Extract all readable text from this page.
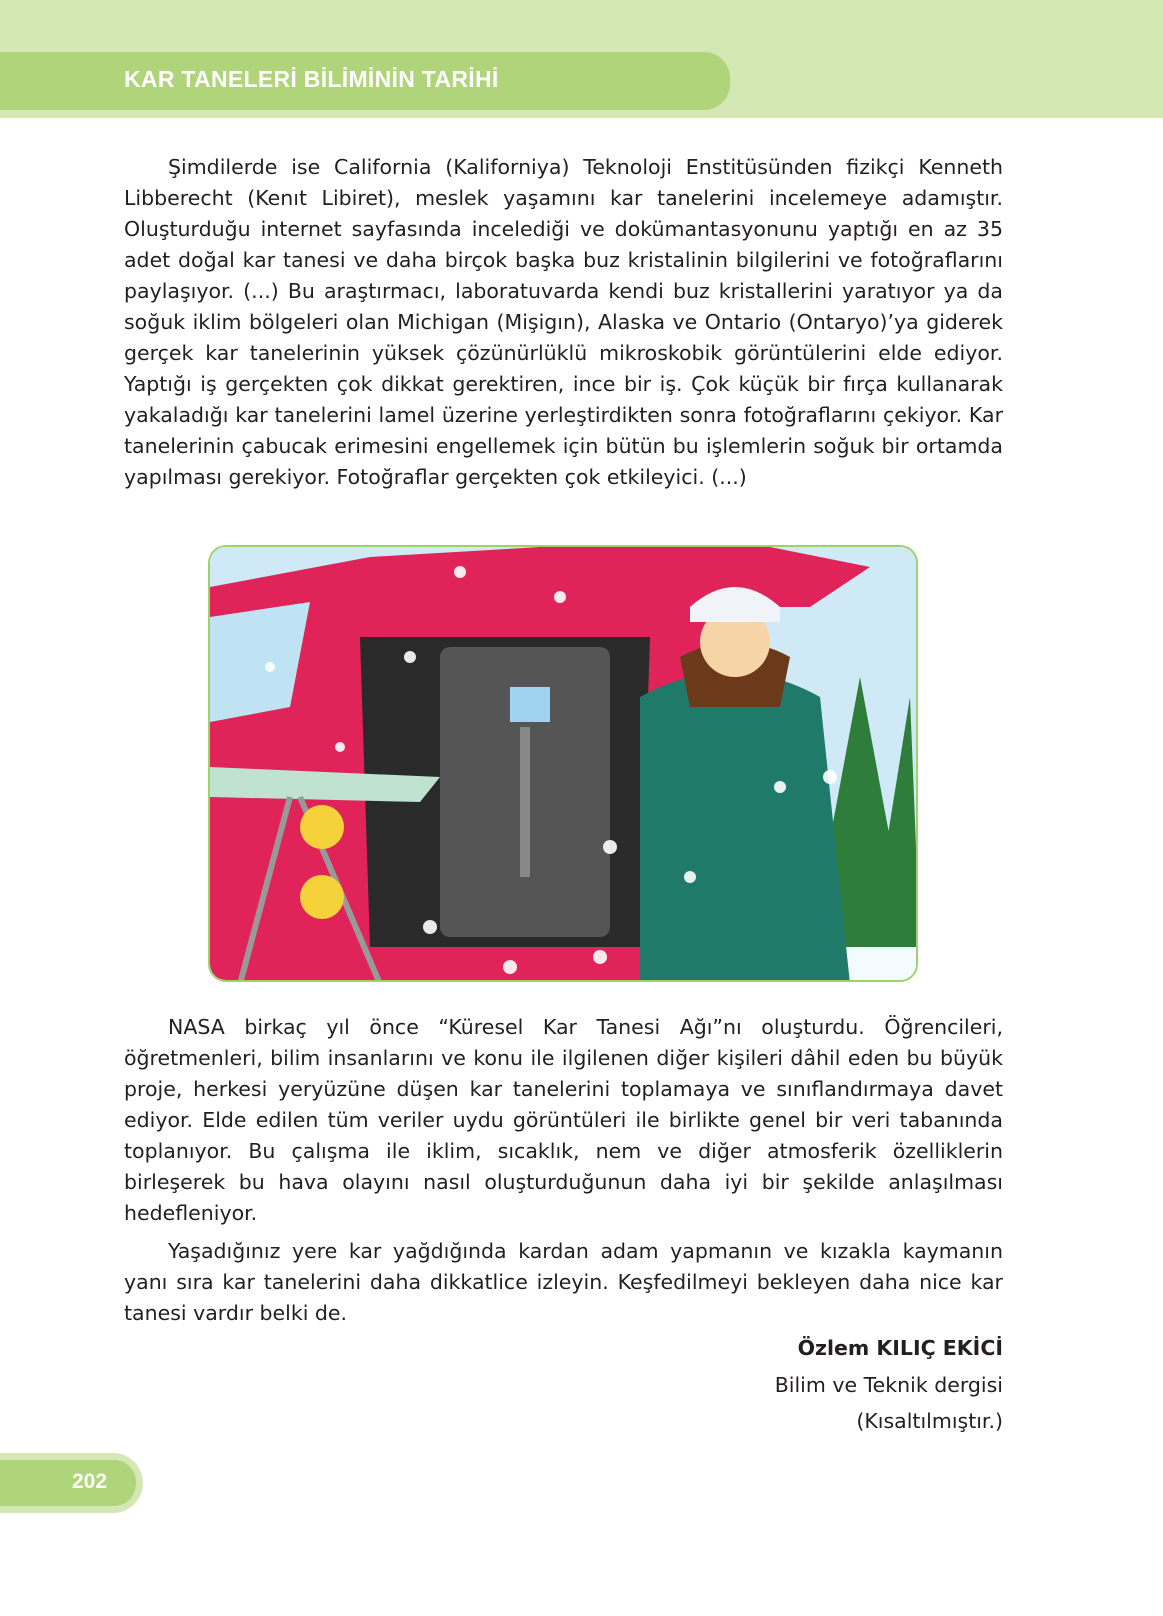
KAR TANELERİ BİLİMİNİN TARİHİ

Şimdilerde ise California (Kaliforniya) Teknoloji Enstitüsünden fizikçi Kenneth Libberecht (Kenıt Libiret), meslek yaşamını kar tanelerini incelemeye adamıştır. Oluşturduğu internet sayfasında incelediği ve dokümantasyonunu yaptığı en az 35 adet doğal kar tanesi ve daha birçok başka buz kristalinin bilgilerini ve fotoğraflarını paylaşıyor. (...) Bu araştırmacı, laboratuvarda kendi buz kristallerini yaratıyor ya da soğuk iklim bölgeleri olan Michigan (Mişigın), Alaska ve Ontario (Ontaryo)’ya giderek gerçek kar tanelerinin yüksek çözünürlüklü mikroskobik görüntülerini elde ediyor. Yaptığı iş gerçekten çok dikkat gerektiren, ince bir iş. Çok küçük bir fırça kullanarak yakaladığı kar tanelerini lamel üzerine yerleştirdikten sonra fotoğraflarını çekiyor. Kar tanelerinin çabucak erimesini engellemek için bütün bu işlemlerin soğuk bir ortamda yapılması gerekiyor. Fotoğraflar gerçekten çok etkileyici. (...)

NASA birkaç yıl önce “Küresel Kar Tanesi Ağı”nı oluşturdu. Öğrencileri, öğretmenleri, bilim insanlarını ve konu ile ilgilenen diğer kişileri dâhil eden bu büyük proje, herkesi yeryüzüne düşen kar tanelerini toplamaya ve sınıflandırmaya davet ediyor. Elde edilen tüm veriler uydu görüntüleri ile birlikte genel bir veri tabanında toplanıyor. Bu çalışma ile iklim, sıcaklık, nem ve diğer atmosferik özelliklerin birleşerek bu hava olayını nasıl oluşturduğunun daha iyi bir şekilde anlaşılması hedefleniyor.

Yaşadığınız yere kar yağdığında kardan adam yapmanın ve kızakla kaymanın yanı sıra kar tanelerini daha dikkatlice izleyin. Keşfedilmeyi bekleyen daha nice kar tanesi vardır belki de.

Özlem KILIÇ EKİCİ
Bilim ve Teknik dergisi
(Kısaltılmıştır.)
202
